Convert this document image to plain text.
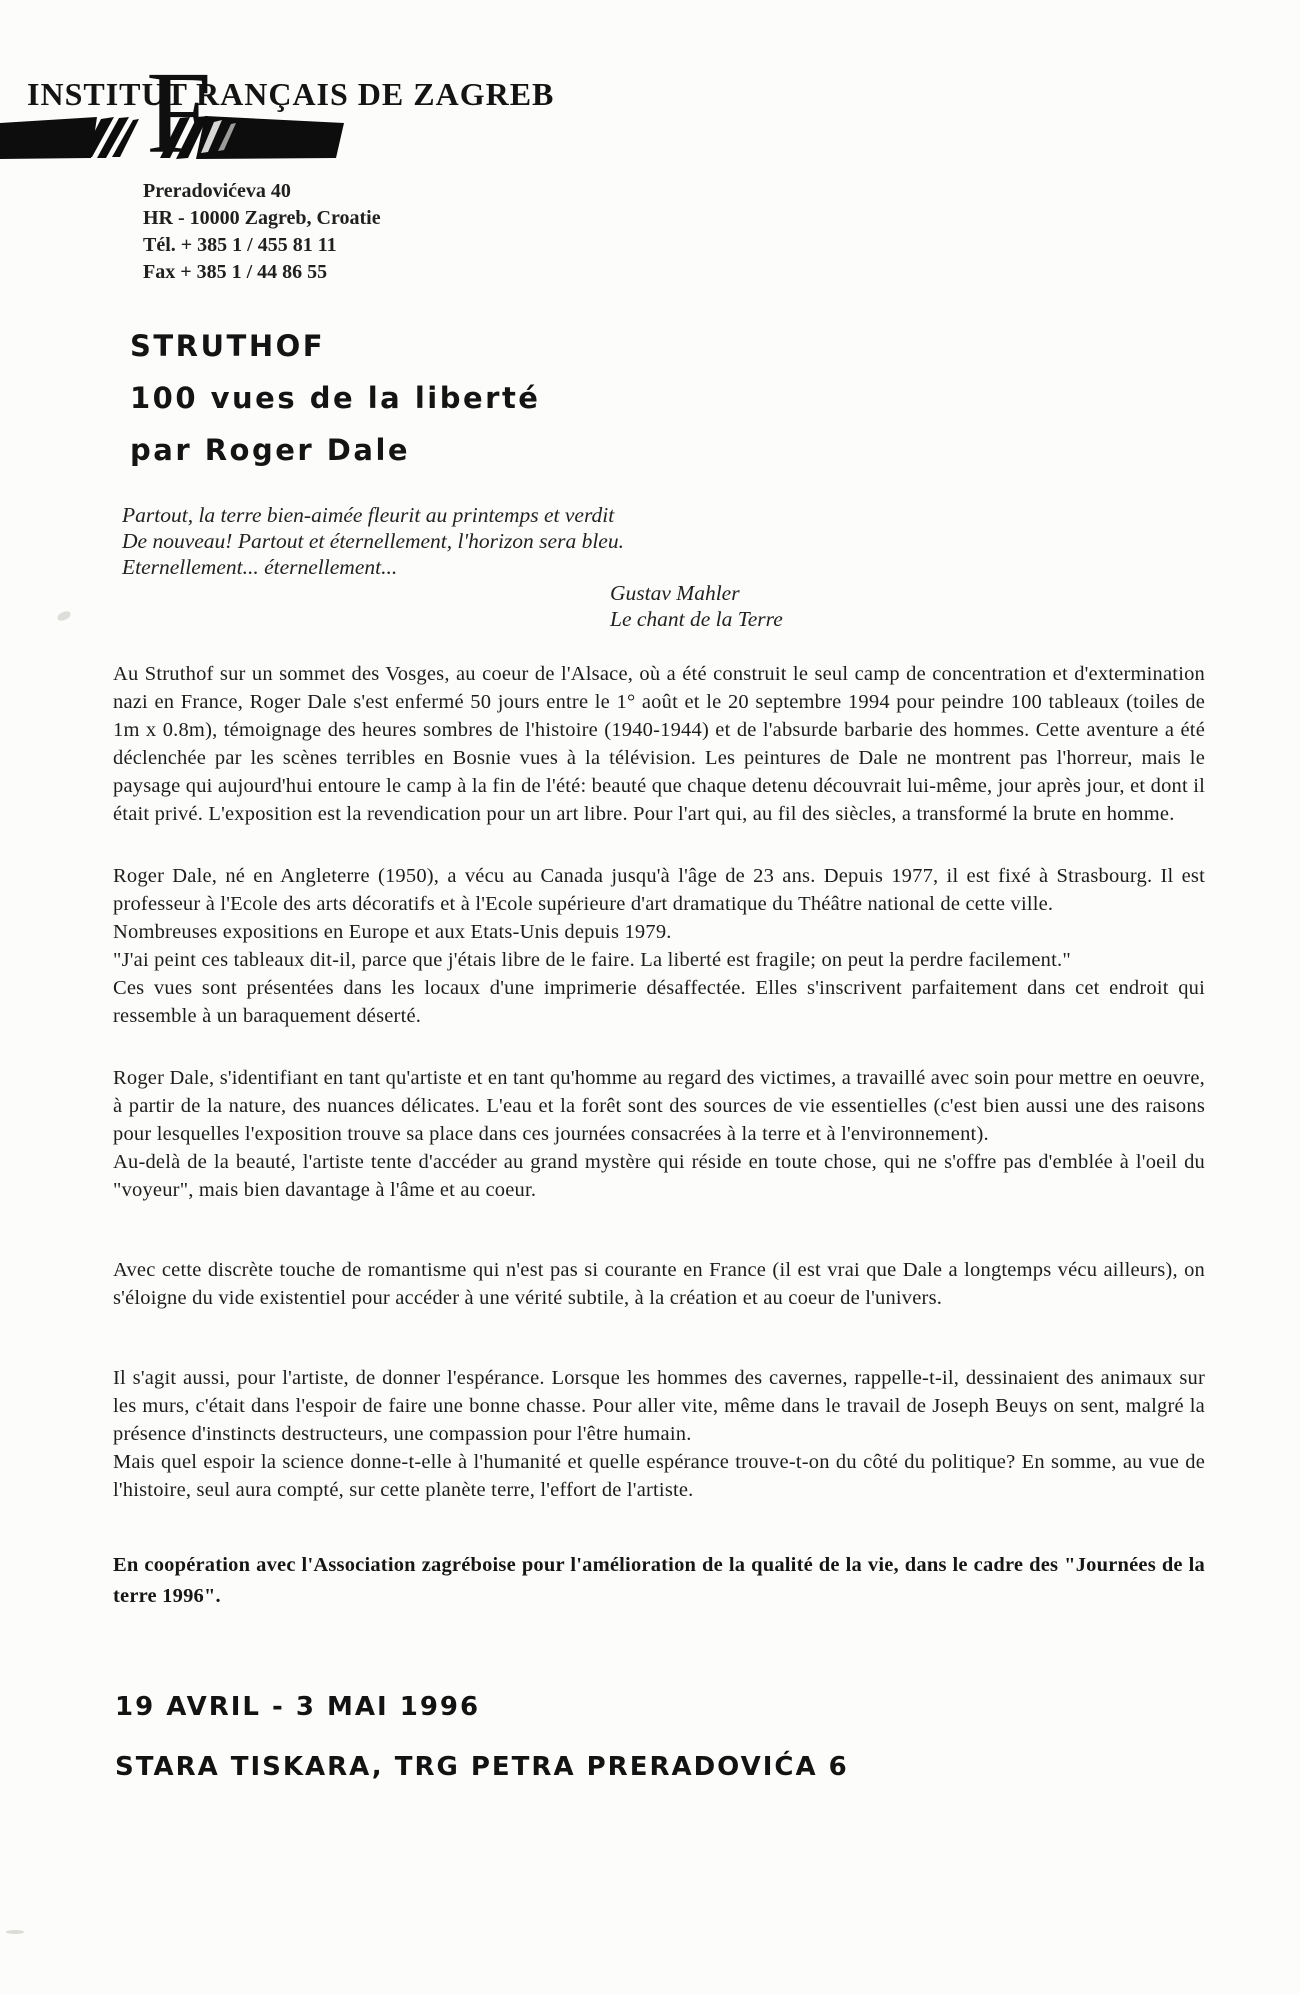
INSTITUT
F
RANÇAIS DE ZAGREB
Preradovićeva 40
HR - 10000 Zagreb, Croatie
Tél. + 385 1 / 455 81 11
Fax + 385 1 / 44 86 55
STRUTHOF
100 vues de la liberté
par Roger Dale
Partout, la terre bien-aimée fleurit au printemps et verdit
De nouveau! Partout et éternellement, l'horizon sera bleu.
Eternellement... éternellement...
Gustav Mahler
Le chant de la Terre

Au Struthof sur un sommet des Vosges, au coeur de l'Alsace, où a été construit le seul camp de concentration et d'extermination nazi en France, Roger Dale s'est enfermé 50 jours entre le 1° août et le 20 septembre 1994 pour peindre 100 tableaux (toiles de 1m x 0.8m), témoignage des heures sombres de l'histoire (1940-1944) et de l'absurde barbarie des hommes. Cette aventure a été déclenchée par les scènes terribles en Bosnie vues à la télévision. Les peintures de Dale ne montrent pas l'horreur, mais le paysage qui aujourd'hui entoure le camp à la fin de l'été: beauté que chaque detenu découvrait lui-même, jour après jour, et dont il était privé. L'exposition est la revendication pour un art libre. Pour l'art qui, au fil des siècles, a transformé la brute en homme.

Roger Dale, né en Angleterre (1950), a vécu au Canada jusqu'à l'âge de 23 ans. Depuis 1977, il est fixé à Strasbourg. Il est professeur à l'Ecole des arts décoratifs et à l'Ecole supérieure d'art dramatique du Théâtre national de cette ville.

Nombreuses expositions en Europe et aux Etats-Unis depuis 1979.

"J'ai peint ces tableaux dit-il, parce que j'étais libre de le faire. La liberté est fragile; on peut la perdre facilement."

Ces vues sont présentées dans les locaux d'une imprimerie désaffectée. Elles s'inscrivent parfaitement dans cet endroit qui ressemble à un baraquement déserté.

Roger Dale, s'identifiant en tant qu'artiste et en tant qu'homme au regard des victimes, a travaillé avec soin pour mettre en oeuvre, à partir de la nature, des nuances délicates. L'eau et la forêt sont des sources de vie essentielles (c'est bien aussi une des raisons pour lesquelles l'exposition trouve sa place dans ces journées consacrées à la terre et à l'environnement).

Au-delà de la beauté, l'artiste tente d'accéder au grand mystère qui réside en toute chose, qui ne s'offre pas d'emblée à l'oeil du "voyeur", mais bien davantage à l'âme et au coeur.

Avec cette discrète touche de romantisme qui n'est pas si courante en France (il est vrai que Dale a longtemps vécu ailleurs), on s'éloigne du vide existentiel pour accéder à une vérité subtile, à la création et au coeur de l'univers.

Il s'agit aussi, pour l'artiste, de donner l'espérance. Lorsque les hommes des cavernes, rappelle-t-il, dessinaient des animaux sur les murs, c'était dans l'espoir de faire une bonne chasse. Pour aller vite, même dans le travail de Joseph Beuys on sent, malgré la présence d'instincts destructeurs, une compassion pour l'être humain.

Mais quel espoir la science donne-t-elle à l'humanité et quelle espérance trouve-t-on du côté du politique? En somme, au vue de l'histoire, seul aura compté, sur cette planète terre, l'effort de l'artiste.

En coopération avec l'Association zagréboise pour l'amélioration de la qualité de la vie, dans le cadre des "Journées de la terre 1996".
19 AVRIL - 3 MAI 1996
STARA TISKARA, TRG PETRA PRERADOVIĆA 6
